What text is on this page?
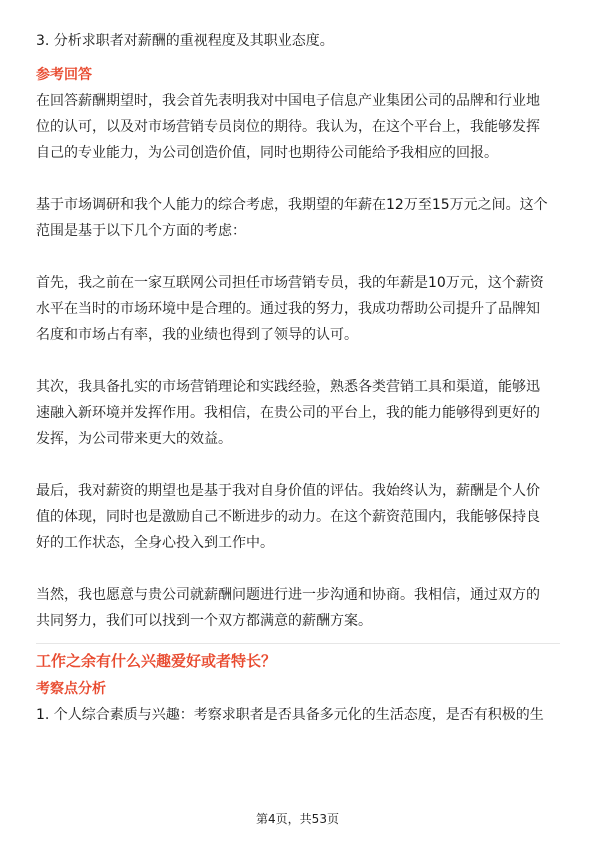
3. 分析求职者对薪酬的重视程度及其职业态度。

参考回答

在回答薪酬期望时，我会首先表明我对中国电子信息产业集团公司的品牌和行业地

位的认可，以及对市场营销专员岗位的期待。我认为，在这个平台上，我能够发挥

自己的专业能力，为公司创造价值，同时也期待公司能给予我相应的回报。

基于市场调研和我个人能力的综合考虑，我期望的年薪在12万至15万元之间。这个

范围是基于以下几个方面的考虑：

首先，我之前在一家互联网公司担任市场营销专员，我的年薪是10万元，这个薪资

水平在当时的市场环境中是合理的。通过我的努力，我成功帮助公司提升了品牌知

名度和市场占有率，我的业绩也得到了领导的认可。

其次，我具备扎实的市场营销理论和实践经验，熟悉各类营销工具和渠道，能够迅

速融入新环境并发挥作用。我相信，在贵公司的平台上，我的能力能够得到更好的

发挥，为公司带来更大的效益。

最后，我对薪资的期望也是基于我对自身价值的评估。我始终认为，薪酬是个人价

值的体现，同时也是激励自己不断进步的动力。在这个薪资范围内，我能够保持良

好的工作状态，全身心投入到工作中。

当然，我也愿意与贵公司就薪酬问题进行进一步沟通和协商。我相信，通过双方的

共同努力，我们可以找到一个双方都满意的薪酬方案。

工作之余有什么兴趣爱好或者特长？

考察点分析

1. 个人综合素质与兴趣：考察求职者是否具备多元化的生活态度，是否有积极的生

第4页，共53页
